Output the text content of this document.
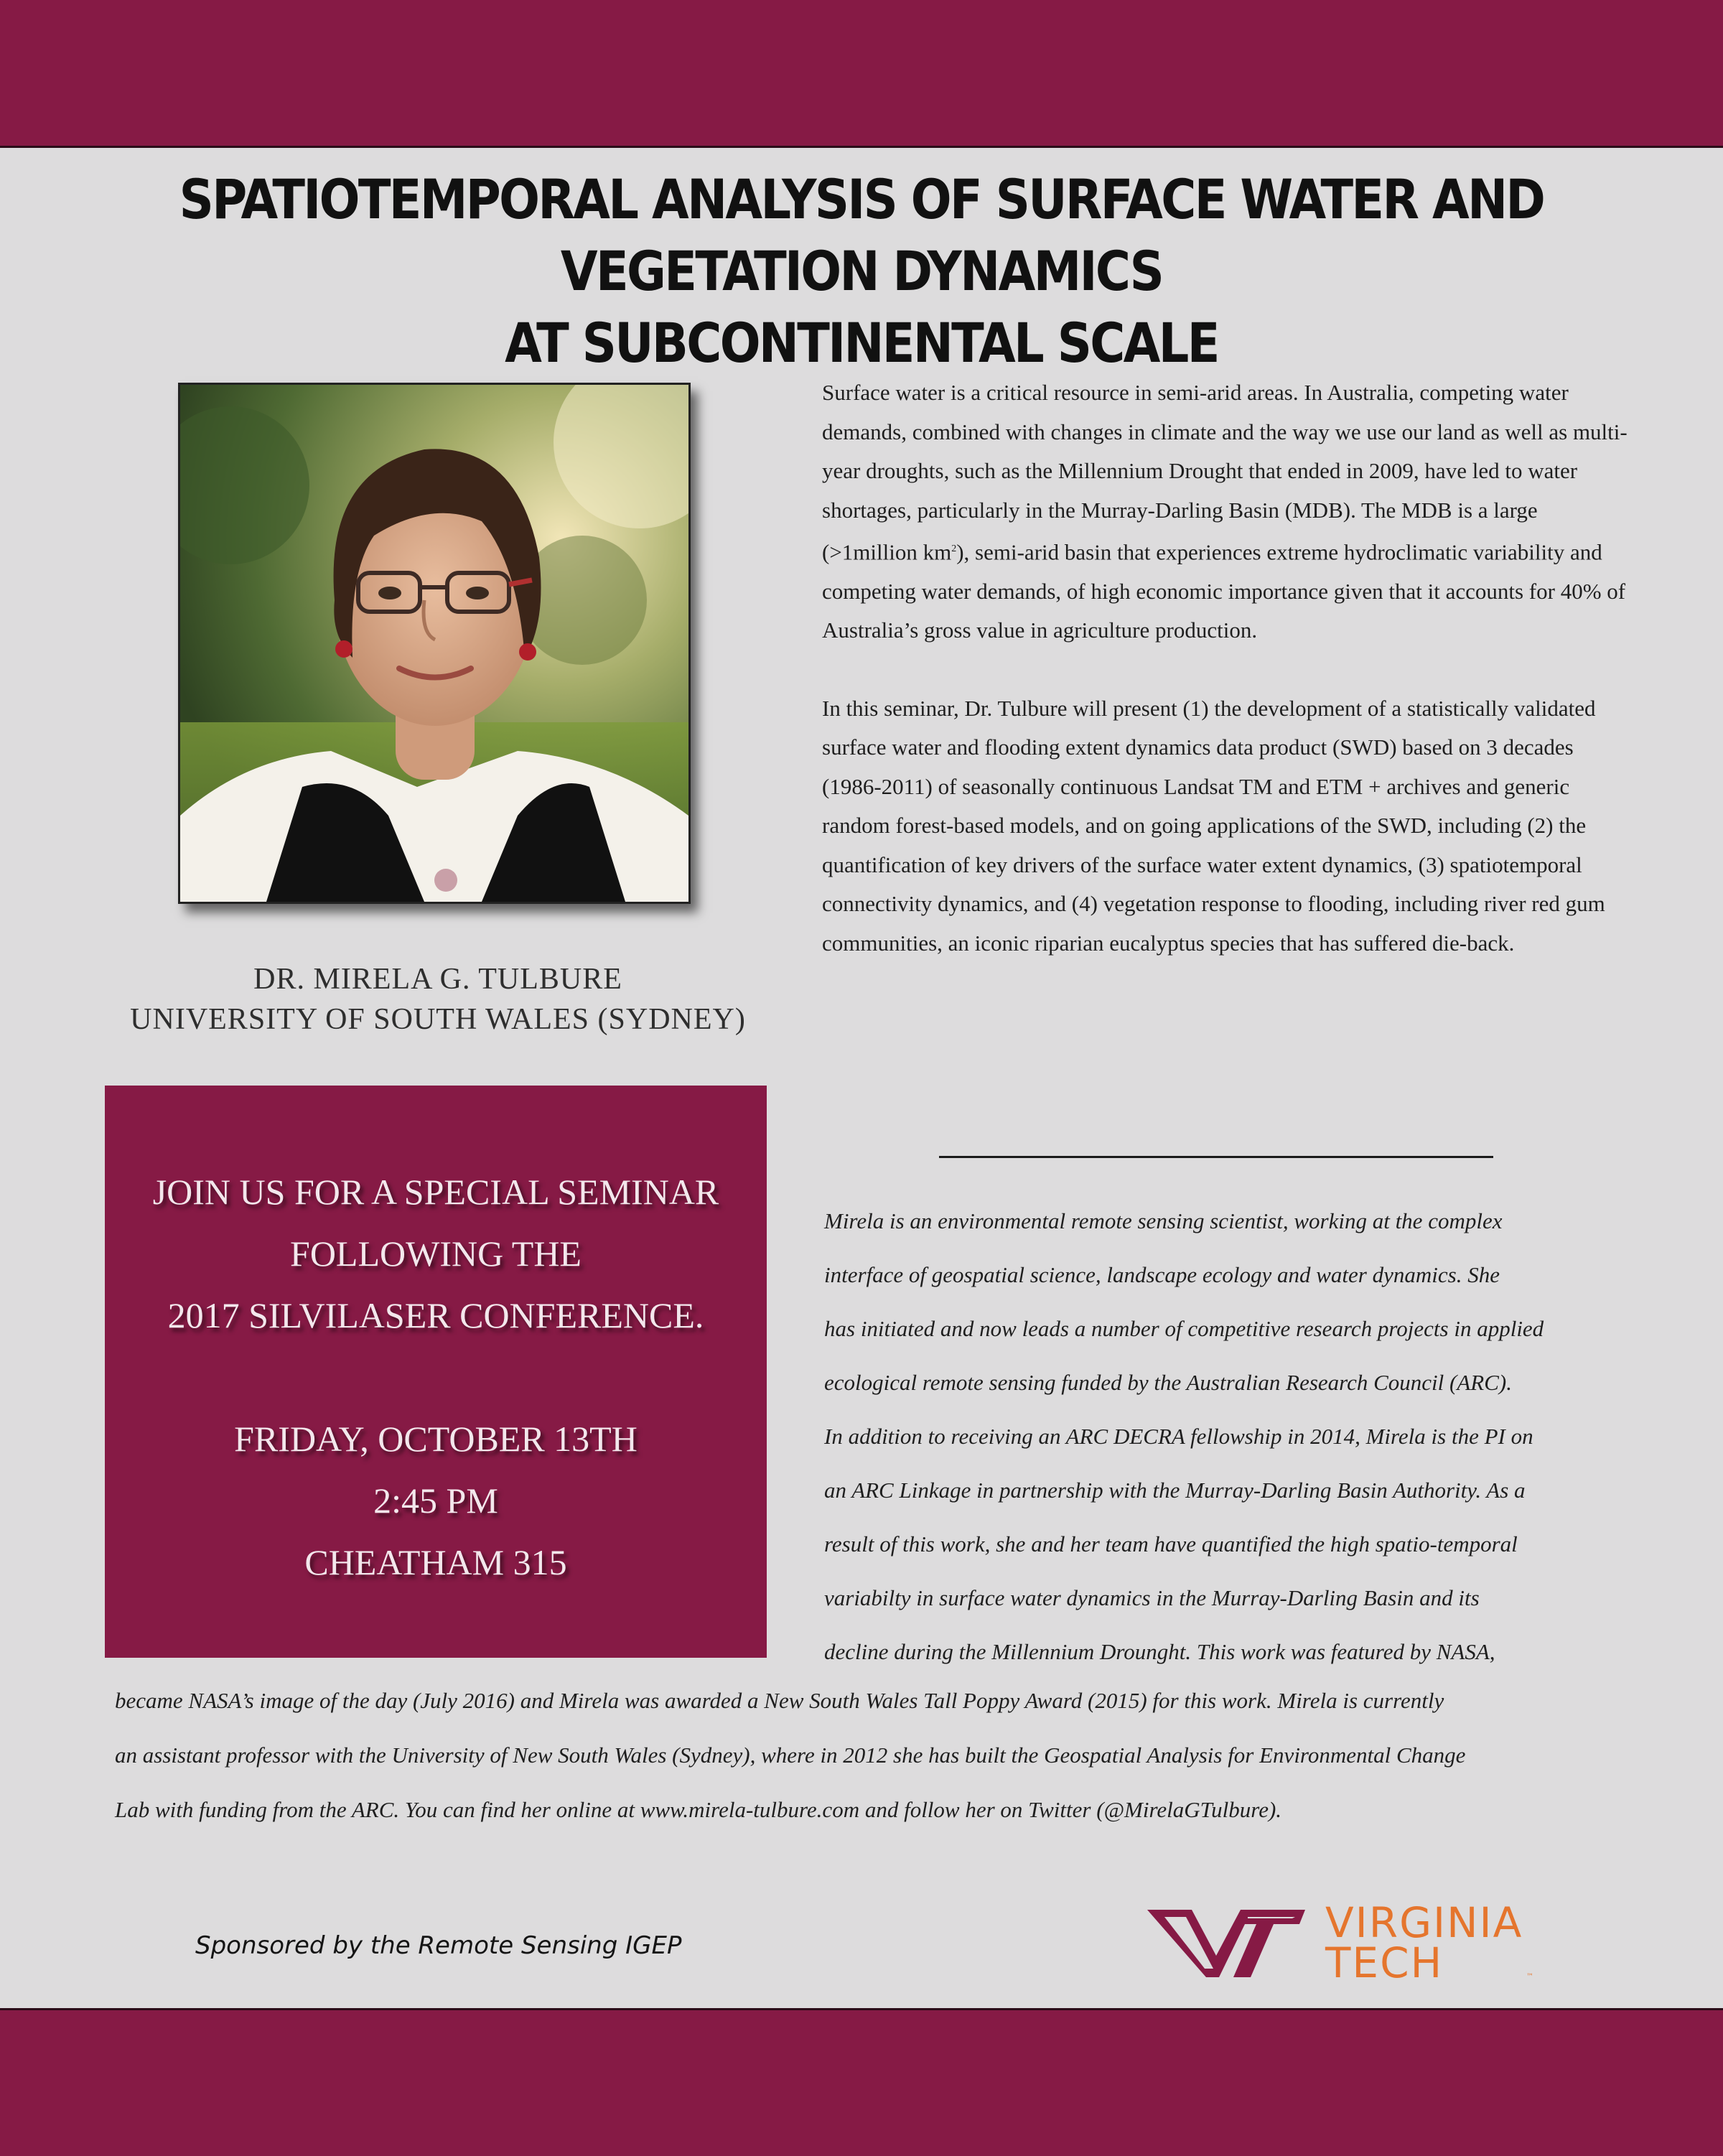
SPATIOTEMPORAL ANALYSIS OF SURFACE WATER AND VEGETATION DYNAMICS
AT SUBCONTINENTAL SCALE
DR. MIRELA G. TULBURE
UNIVERSITY OF SOUTH WALES (SYDNEY)
JOIN US FOR A SPECIAL SEMINAR
FOLLOWING THE
2017 SILVILASER CONFERENCE.
FRIDAY, OCTOBER 13TH
2:45 PM
CHEATHAM 315

Surface water is a critical resource in semi-arid areas. In Australia, competing water demands, combined with changes in climate and the way we use our land as well as multi-year droughts, such as the Millennium Drought that ended in 2009, have led to water shortages, particularly in the Murray-Darling Basin (MDB). The MDB is a large (>1million $km^2$), semi-arid basin that experiences extreme hydroclimatic variability and competing water demands, of high economic importance given that it accounts for 40% of Australia’s gross value in agriculture production.

In this seminar, Dr. Tulbure will present (1) the development of a statistically validated surface water and flooding extent dynamics data product (SWD) based on 3 decades (1986-2011) of seasonally continuous Landsat TM and ETM + archives and generic random forest-based models, and on going applications of the SWD, including (2) the quantification of key drivers of the surface water extent dynamics, (3) spatiotemporal connectivity dynamics, and (4) vegetation response to flooding, including river red gum communities, an iconic riparian eucalyptus species that has suffered die-back.

Mirela is an environmental remote sensing scientist, working at the complex
interface of geospatial science, landscape ecology and water dynamics. She
has initiated and now leads a number of competitive research projects in applied
ecological remote sensing funded by the Australian Research Council (ARC).
In addition to receiving an ARC DECRA fellowship in 2014, Mirela is the PI on
an ARC Linkage in partnership with the Murray-Darling Basin Authority. As a
result of this work, she and her team have quantified the high spatio-temporal
variabilty in surface water dynamics in the Murray-Darling Basin and its
decline during the Millennium Drounght. This work was featured by NASA,
became NASA’s image of the day (July 2016) and Mirela was awarded a New South Wales Tall Poppy Award (2015) for this work. Mirela is currently
an assistant professor with the University of New South Wales (Sydney), where in 2012 she has built the Geospatial Analysis for Environmental Change
Lab with funding from the ARC. You can find her online at www.mirela-tulbure.com and follow her on Twitter (@MirelaGTulbure).
Sponsored by the Remote Sensing IGEP	VIRGINIA
TECH	™
